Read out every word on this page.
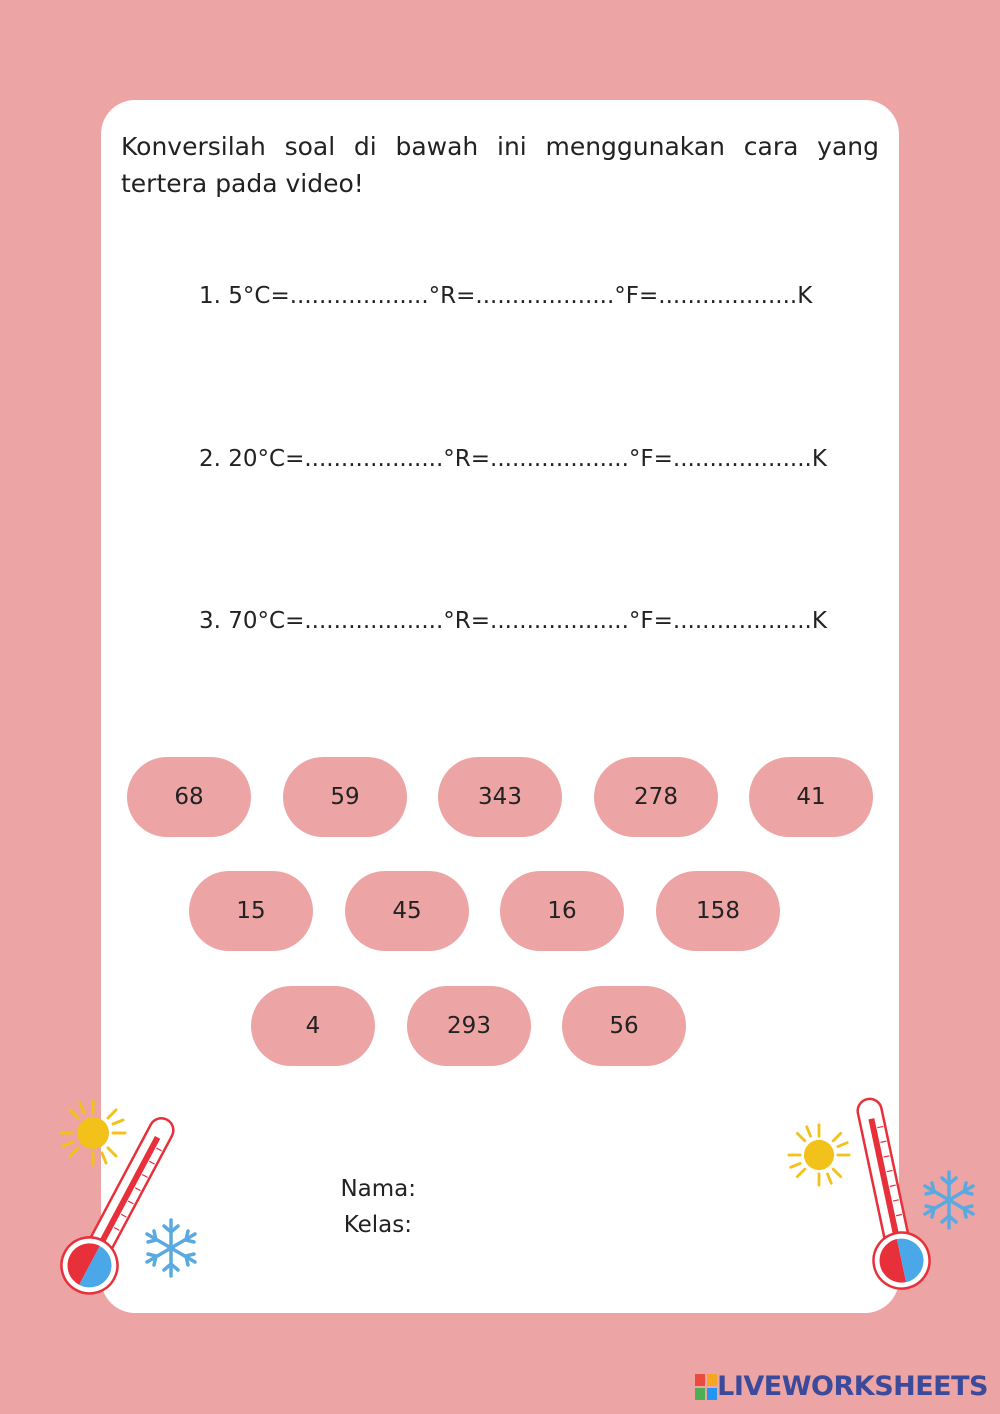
Konversilah soal di bawah ini menggunakan cara yang tertera pada video!
1. 5°C=...................°R=...................°F=...................K
2. 20°C=...................°R=...................°F=...................K
3. 70°C=...................°R=...................°F=...................K
68	59	343	278	41
15	45	16	158
4	293	56
Nama:
Kelas:
LIVEWORKSHEETS
